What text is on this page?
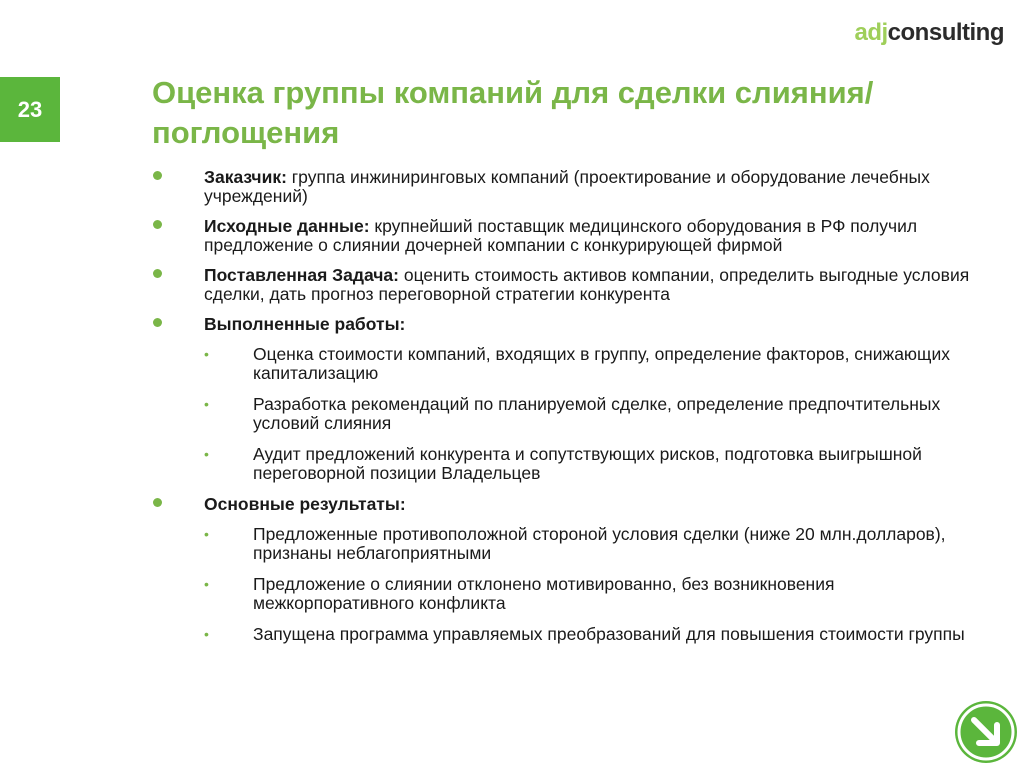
adjconsulting
23	Оценка группы компаний для сделки слияния/поглощения
Заказчик: группа инжиниринговых компаний (проектирование и оборудование лечебных учреждений)
Исходные данные: крупнейший поставщик медицинского оборудования в РФ получил предложение о слиянии дочерней компании с конкурирующей фирмой
Поставленная Задача: оценить стоимость активов компании, определить выгодные условия сделки, дать прогноз переговорной стратегии конкурента
Выполненные работы:
•	Оценка стоимости компаний, входящих в группу, определение факторов, снижающих капитализацию
•	Разработка рекомендаций по планируемой сделке, определение предпочтительных условий слияния
•	Аудит предложений конкурента и сопутствующих рисков, подготовка выигрышной переговорной позиции Владельцев
Основные результаты:
•	Предложенные противоположной стороной условия сделки (ниже 20 млн.долларов), признаны неблагоприятными
•	Предложение о слиянии отклонено мотивированно, без возникновения межкорпоративного конфликта
•	Запущена программа управляемых преобразований для повышения стоимости группы
